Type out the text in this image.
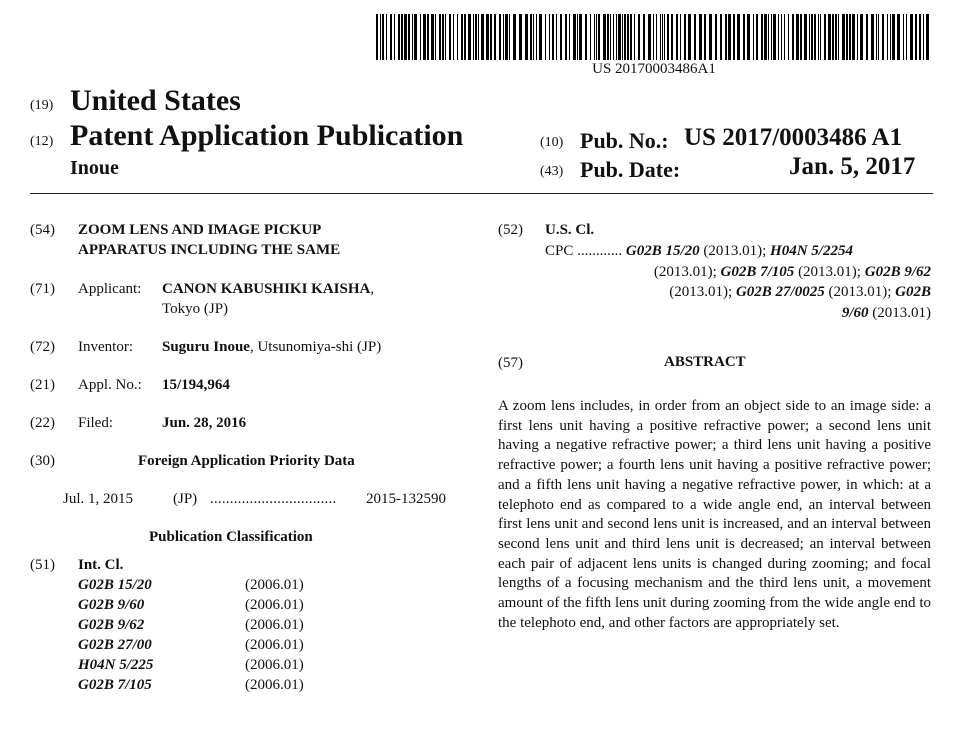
US 20170003486A1
(19) United States
(12) Patent Application Publication
Inoue
(10) Pub. No.: US 2017/0003486 A1
(43) Pub. Date:	Jan. 5, 2017
(54) ZOOM LENS AND IMAGE PICKUP
APPARATUS INCLUDING THE SAME
(71) Applicant: CANON KABUSHIKI KAISHA,
Tokyo (JP)
(72) Inventor: Suguru Inoue, Utsunomiya-shi (JP)
(21) Appl. No.: 15/194,964
(22) Filed:	Jun. 28, 2016
(30)	Foreign Application Priority Data
Jul. 1, 2015	(JP) ................................ 2015-132590
Publication Classification
(51) Int. Cl.
G02B 15/20	(2006.01)
G02B 9/60	(2006.01)
G02B 9/62	(2006.01)
G02B 27/00	(2006.01)
H04N 5/225	(2006.01)
G02B 7/105	(2006.01)
(52) U.S. Cl.
CPC ............ G02B 15/20 (2013.01); H04N 5/2254
(2013.01); G02B 7/105 (2013.01); G02B 9/62
(2013.01); G02B 27/0025 (2013.01); G02B
9/60 (2013.01)
(57)	ABSTRACT
A zoom lens includes, in order from an object side to an image side: a first lens unit having a positive refractive power; a second lens unit having a negative refractive power; a third lens unit having a positive refractive power; a fourth lens unit having a positive refractive power; and a fifth lens unit having a negative refractive power, in which: at a telephoto end as compared to a wide angle end, an interval between first lens unit and second lens unit is increased, and an interval between second lens unit and third lens unit is decreased; an interval between each pair of adjacent lens units is changed during zooming; and focal lengths of a focusing mechanism and the third lens unit, a movement amount of the fifth lens unit during zooming from the wide angle end to the telephoto end, and other factors are appropriately set.
